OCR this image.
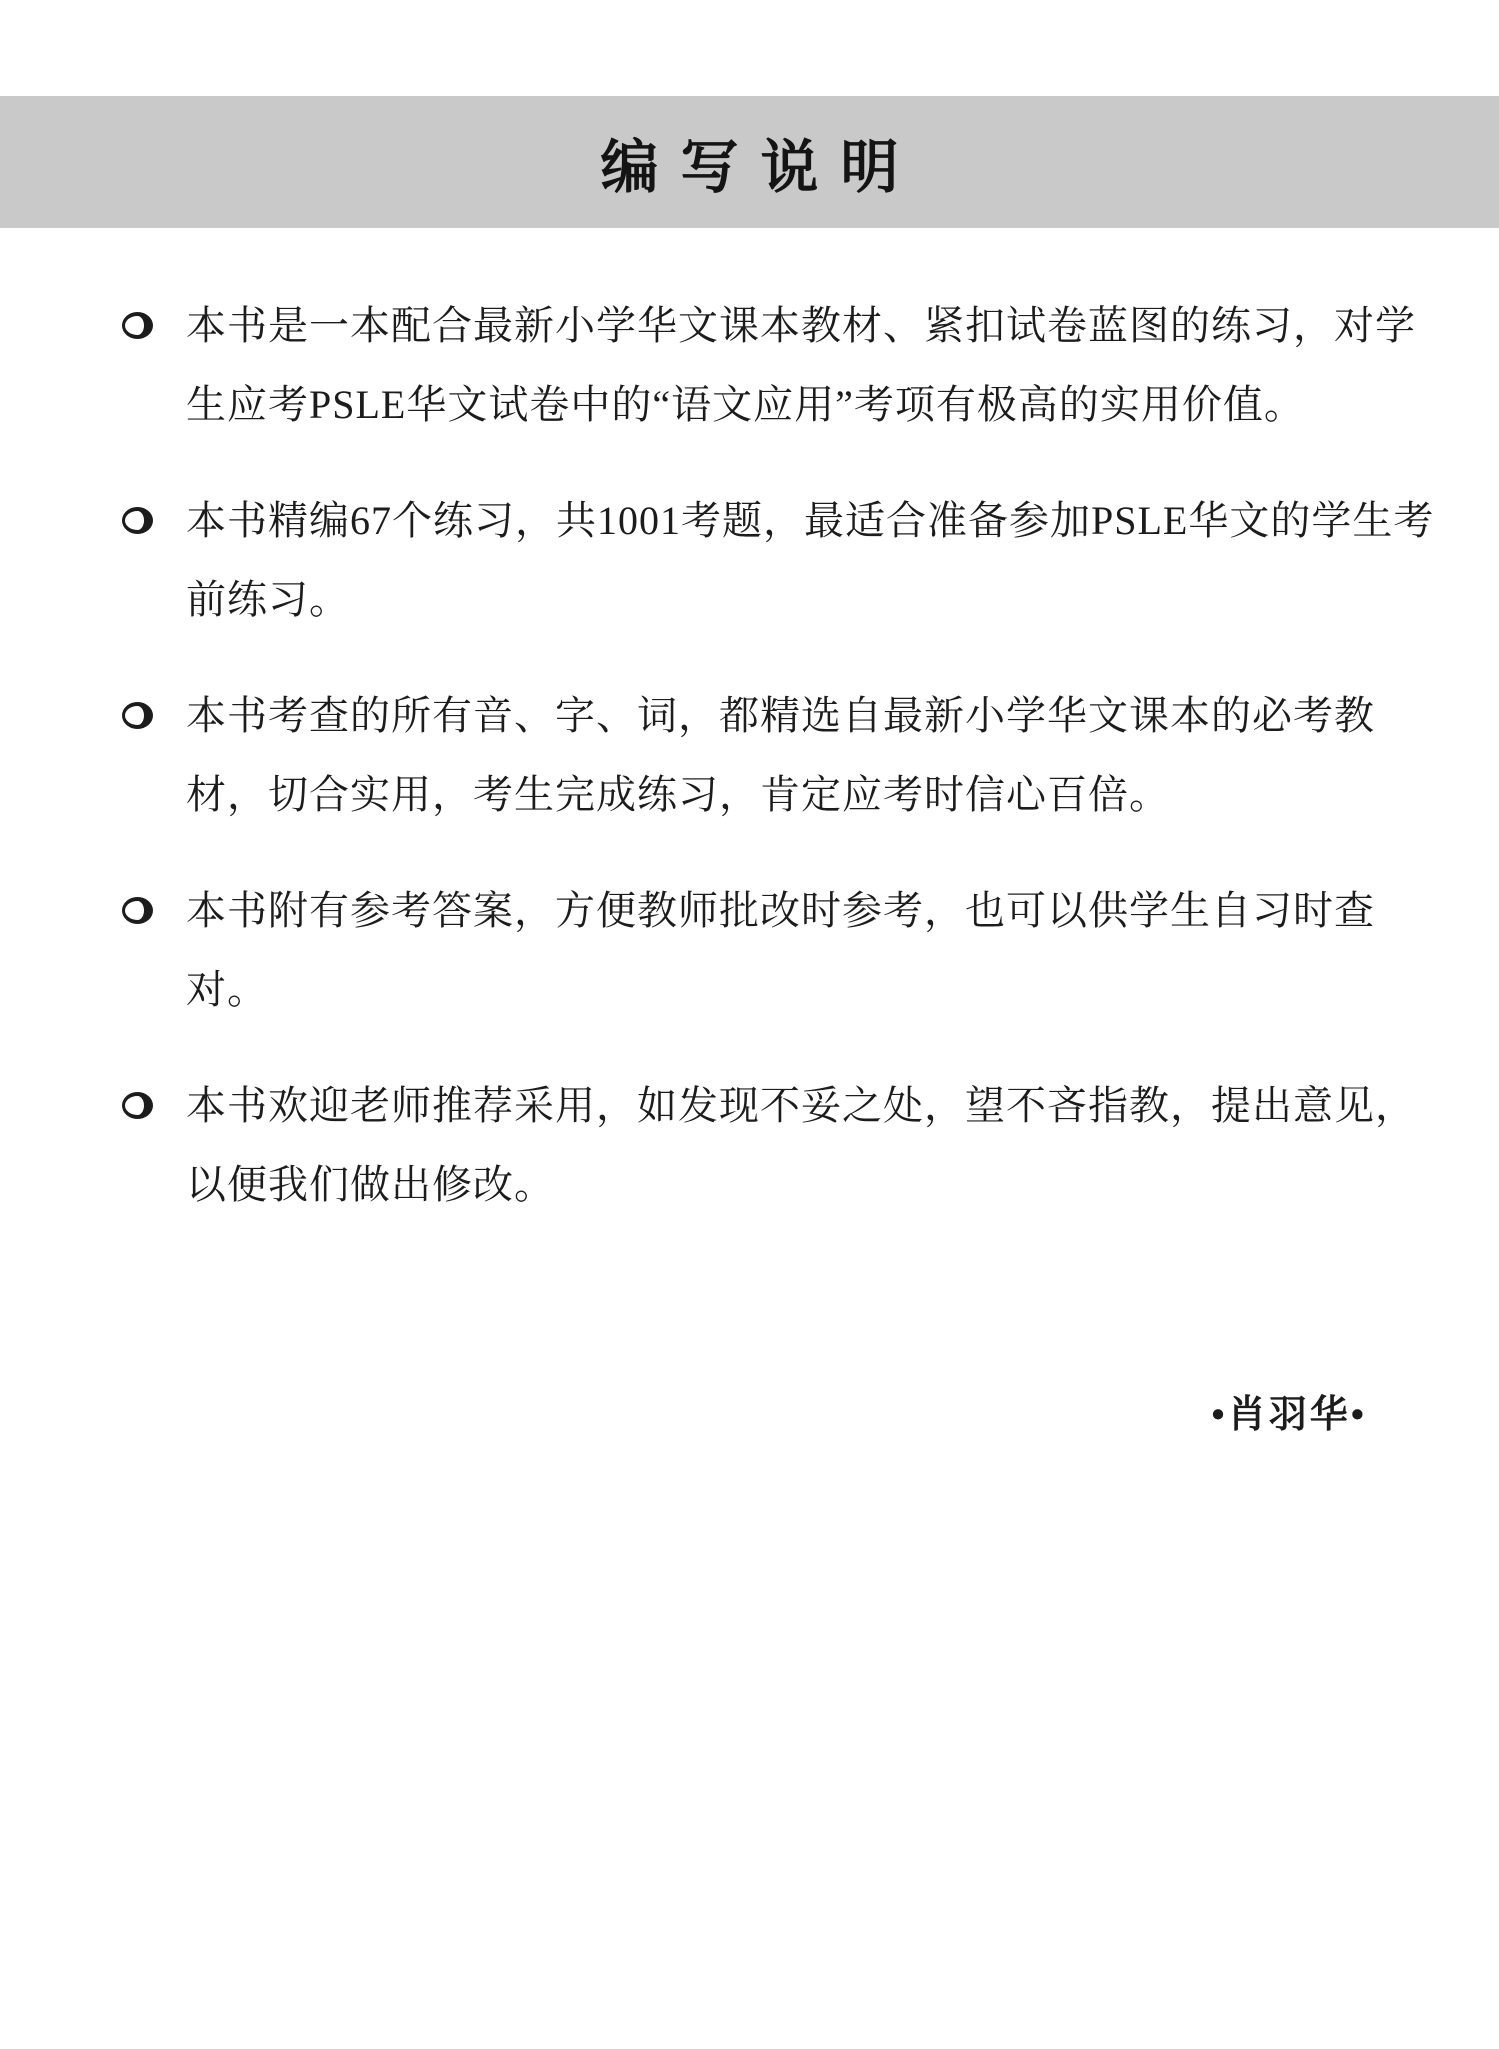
编写说明
本书是一本配合最新小学华文课本教材、紧扣试卷蓝图的练习，对学
生应考PSLE华文试卷中的“语文应用”考项有极高的实用价值。
本书精编67个练习，共1001考题，最适合准备参加PSLE华文的学生考
前练习。
本书考查的所有音、字、词，都精选自最新小学华文课本的必考教
材，切合实用，考生完成练习，肯定应考时信心百倍。
本书附有参考答案，方便教师批改时参考，也可以供学生自习时查
对。
本书欢迎老师推荐采用，如发现不妥之处，望不吝指教，提出意见，
以便我们做出修改。
•肖羽华•
